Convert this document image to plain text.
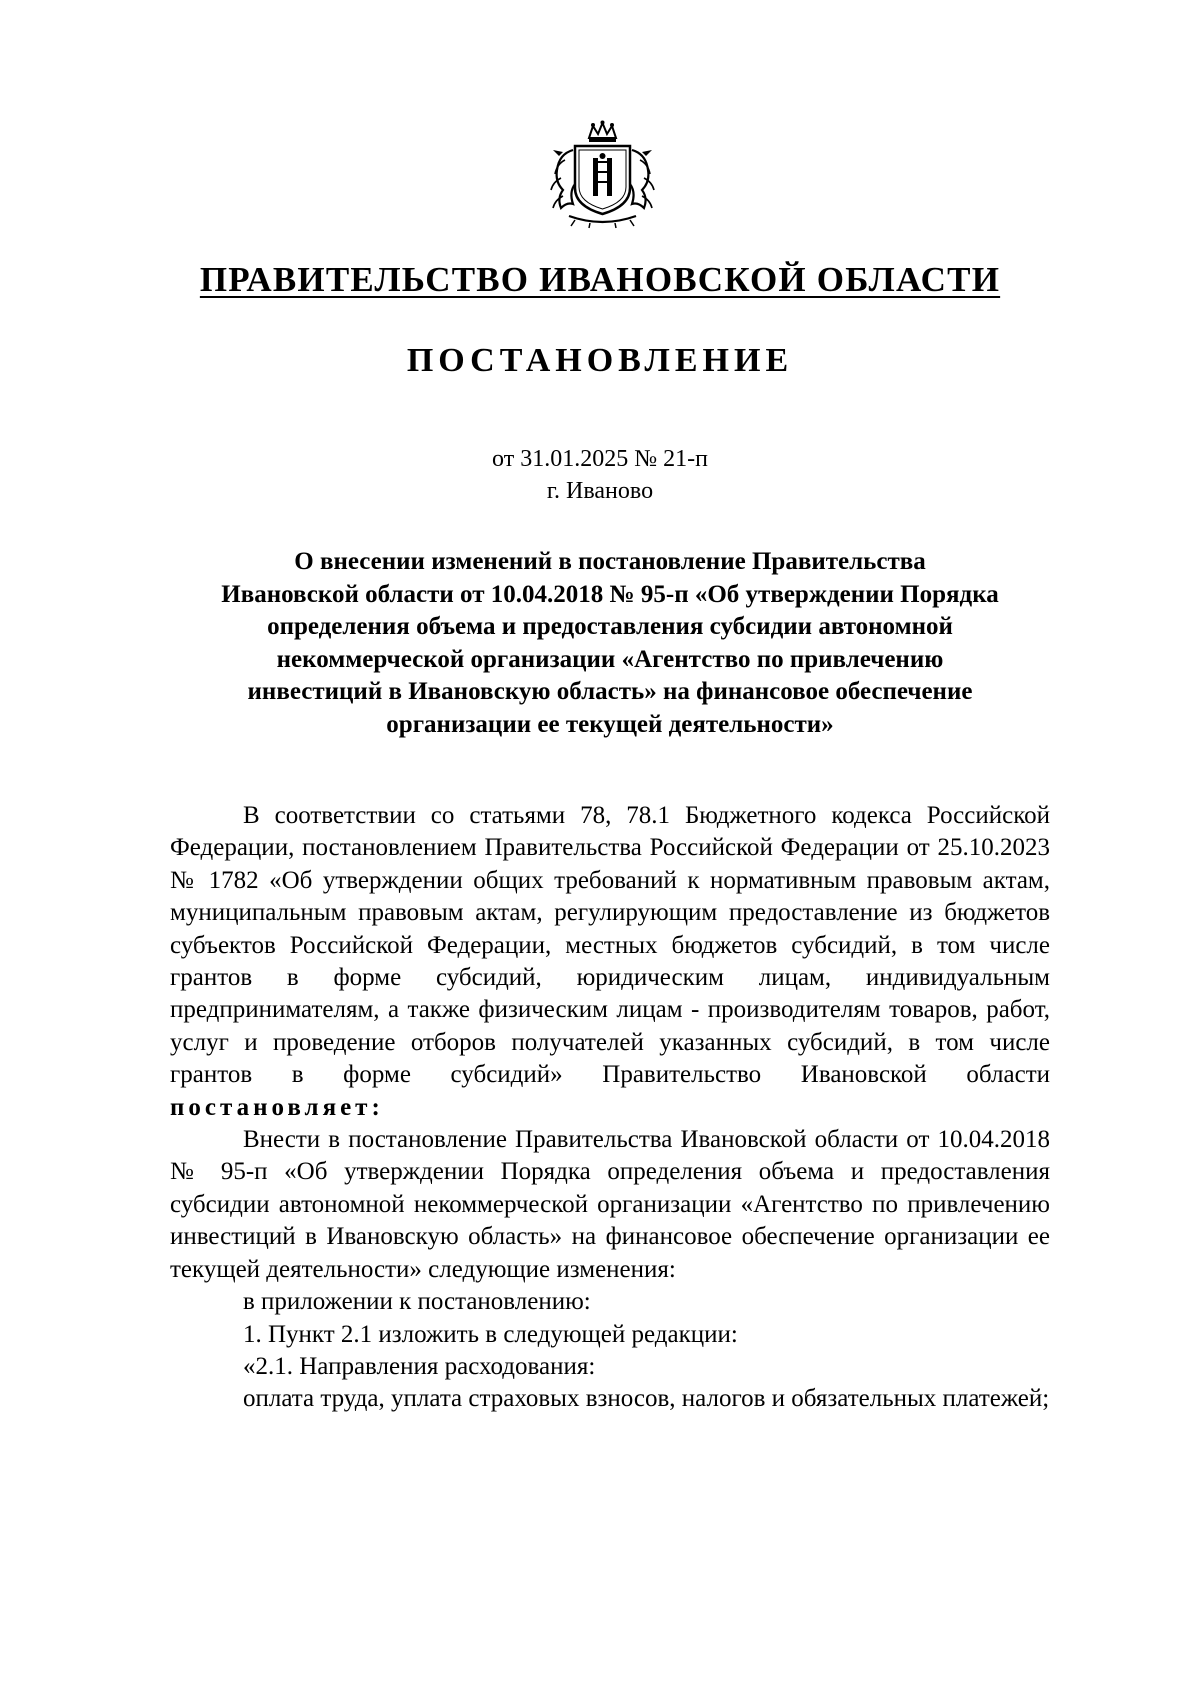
ПРАВИТЕЛЬСТВО ИВАНОВСКОЙ ОБЛАСТИ
ПОСТАНОВЛЕНИЕ
от 31.01.2025 № 21-п
г. Иваново
О внесении изменений в постановление Правительства
Ивановской области от 10.04.2018 № 95-п «Об утверждении Порядка
определения объема и предоставления субсидии автономной
некоммерческой организации «Агентство по привлечению
инвестиций в Ивановскую область» на финансовое обеспечение
организации ее текущей деятельности»

В соответствии со статьями 78, 78.1 Бюджетного кодекса Российской Федерации, постановлением Правительства Российской Федерации от 25.10.2023 № 1782 «Об утверждении общих требований к нормативным правовым актам, муниципальным правовым актам, регулирующим предоставление из бюджетов субъектов Российской Федерации, местных бюджетов субсидий, в том числе грантов в форме субсидий, юридическим лицам, индивидуальным предпринимателям, а также физическим лицам - производителям товаров, работ, услуг и проведение отборов получателей указанных субсидий, в том числе грантов в форме субсидий» Правительство Ивановской области

постановляет:

Внести в постановление Правительства Ивановской области от 10.04.2018 № 95-п «Об утверждении Порядка определения объема и предоставления субсидии автономной некоммерческой организации «Агентство по привлечению инвестиций в Ивановскую область» на финансовое обеспечение организации ее текущей деятельности» следующие изменения:

в приложении к постановлению:

1. Пункт 2.1 изложить в следующей редакции:

«2.1. Направления расходования:

оплата труда, уплата страховых взносов, налогов и обязательных платежей;
